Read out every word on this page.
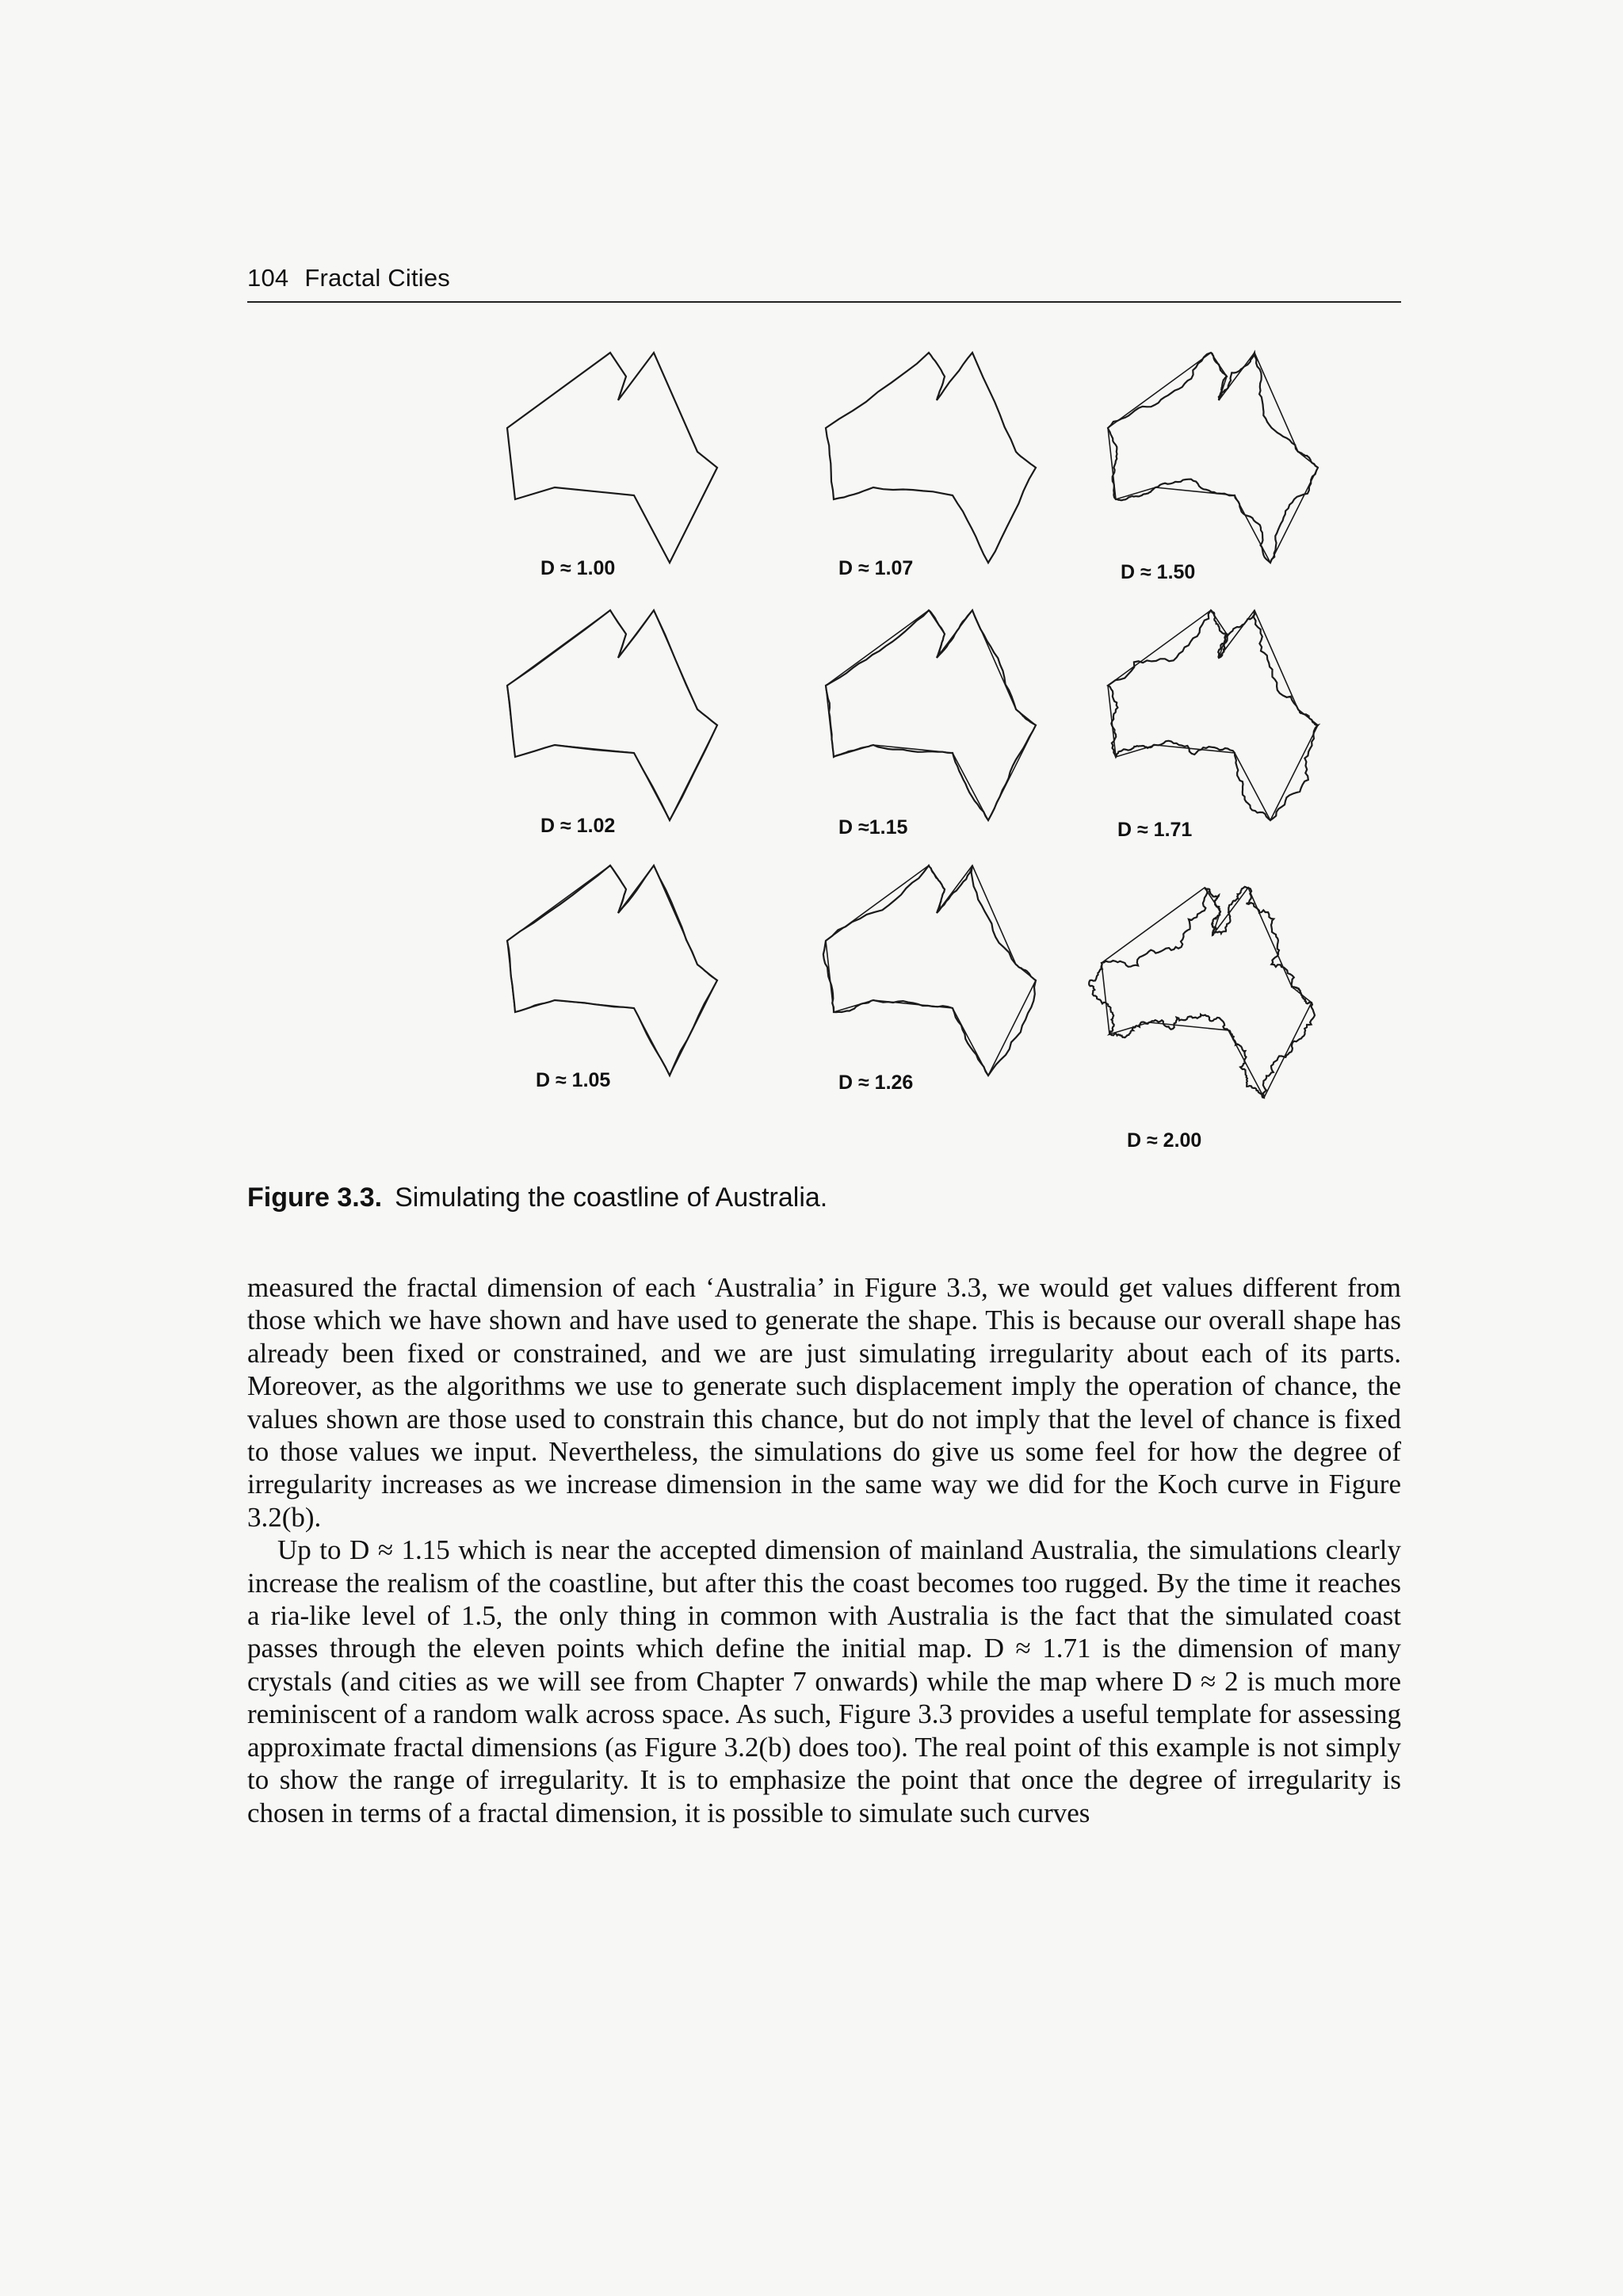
104 Fractal Cities
D ≈ 1.00	D ≈ 1.07	D ≈ 1.50
D ≈ 1.02	D ≈1.15	D ≈ 1.71
D ≈ 1.05	D ≈ 1.26
D ≈ 2.00
Figure 3.3. Simulating the coastline of Australia.

measured the fractal dimension of each ‘Australia’ in Figure 3.3, we would get values different from those which we have shown and have used to generate the shape. This is because our overall shape has already been fixed or constrained, and we are just simulating irregularity about each of its parts. Moreover, as the algorithms we use to generate such displacement imply the operation of chance, the values shown are those used to constrain this chance, but do not imply that the level of chance is fixed to those values we input. Nevertheless, the simulations do give us some feel for how the degree of irregularity increases as we increase dimension in the same way we did for the Koch curve in Figure 3.2(b).

Up to D ≈ 1.15 which is near the accepted dimension of mainland Australia, the simulations clearly increase the realism of the coastline, but after this the coast becomes too rugged. By the time it reaches a ria-like level of 1.5, the only thing in common with Australia is the fact that the simulated coast passes through the eleven points which define the initial map. D ≈ 1.71 is the dimension of many crystals (and cities as we will see from Chapter 7 onwards) while the map where D ≈ 2 is much more reminiscent of a random walk across space. As such, Figure 3.3 provides a useful template for assessing approximate fractal dimensions (as Figure 3.2(b) does too). The real point of this example is not simply to show the range of irregularity. It is to emphasize the point that once the degree of irregularity is chosen in terms of a fractal dimension, it is possible to simulate such curves
